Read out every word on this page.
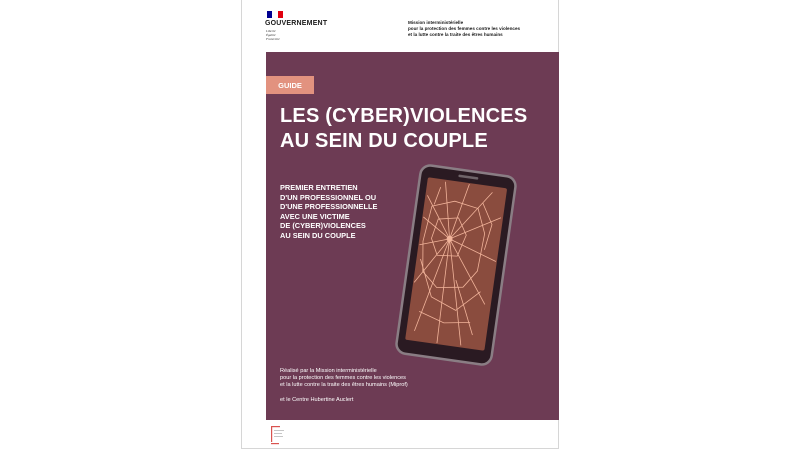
GOUVERNEMENT
Liberté
Égalité
Fraternité
Mission interministérielle
pour la protection des femmes contre les violences
et la lutte contre la traite des êtres humains
GUIDE
LES (CYBER)VIOLENCES
AU SEIN DU COUPLE
PREMIER ENTRETIEN
D'UN PROFESSIONNEL OU
D'UNE PROFESSIONNELLE
AVEC UNE VICTIME
DE (CYBER)VIOLENCES
AU SEIN DU COUPLE
Réalisé par la Mission interministérielle
pour la protection des femmes contre les violences
et la lutte contre la traite des êtres humains (Miprof)
et le Centre Hubertine Auclert
